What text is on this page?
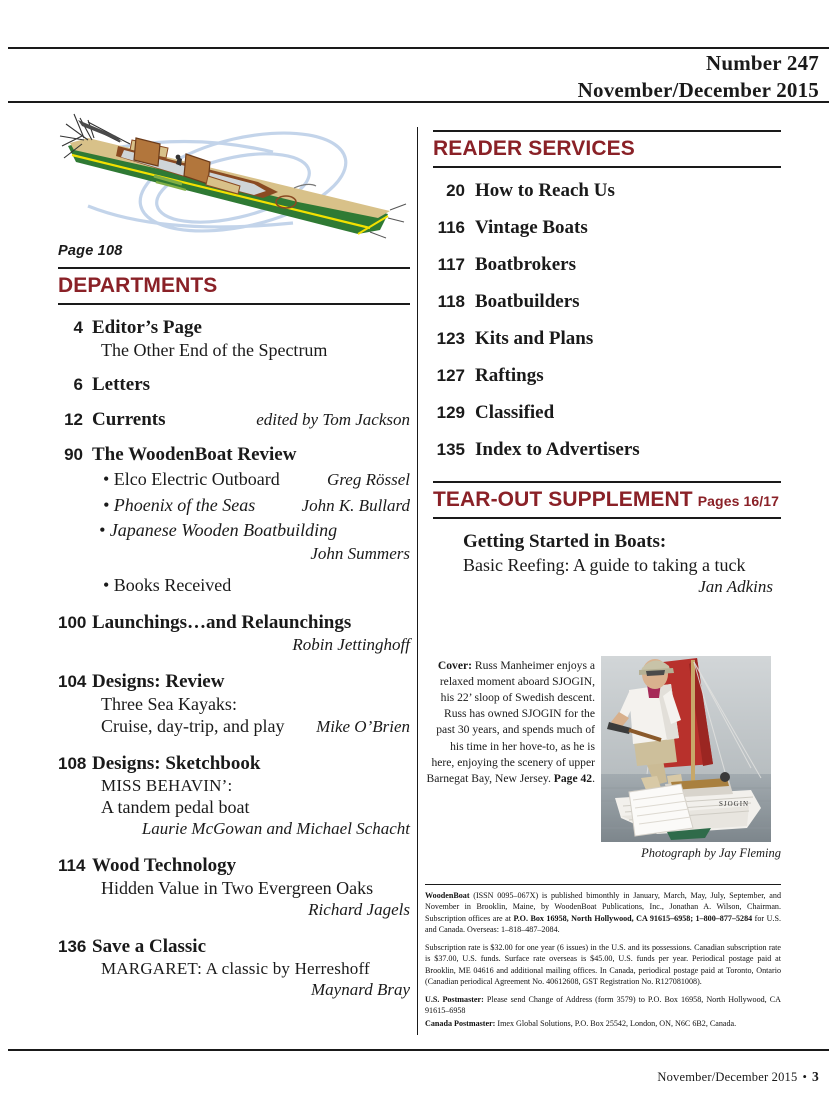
Number 247
November/December 2015
Page 108
DEPARTMENTS
4 Editor’s Page
The Other End of the Spectrum
6 Letters
12 Currents	edited by Tom Jackson
90 The WoodenBoat Review
• Elco Electric Outboard	Greg Rössel
• Phoenix of the Seas	John K. Bullard
• Japanese Wooden Boatbuilding
John Summers
• Books Received
100 Launchings…and Relaunchings
Robin Jettinghoff
104 Designs: Review
Three Sea Kayaks:
Cruise, day-trip, and play	Mike O’Brien
108 Designs: Sketchbook
MISS BEHAVIN’:
A tandem pedal boat
Laurie McGowan and Michael Schacht
114 Wood Technology
Hidden Value in Two Evergreen Oaks
Richard Jagels
136 Save a Classic
MARGARET: A classic by Herreshoff
Maynard Bray
READER SERVICES
20 How to Reach Us
116 Vintage Boats
117 Boatbrokers
118 Boatbuilders
123 Kits and Plans
127 Raftings
129 Classified
135 Index to Advertisers
TEAR-OUT SUPPLEMENT Pages 16/17
Getting Started in Boats:
Basic Reefing: A guide to taking a tuck
Jan Adkins
Cover: Russ Manheimer enjoys a relaxed moment aboard SJOGIN, his 22’ sloop of Swedish descent. Russ has owned SJOGIN for the past 30 years, and spends much of his time in her hove-to, as he is here, enjoying the scenery of upper Barnegat Bay, New Jersey. Page 42.
SJOGIN
Photograph by Jay Fleming

WoodenBoat (ISSN 0095–067X) is published bimonthly in January, March, May, July, September, and November in Brooklin, Maine, by WoodenBoat Publications, Inc., Jonathan A. Wilson, Chairman. Subscription offices are at P.O. Box 16958, North Hollywood, CA 91615–6958; 1–800–877–5284 for U.S. and Canada. Overseas: 1–818–487–2084.

Subscription rate is $32.00 for one year (6 issues) in the U.S. and its possessions. Canadian subscription rate is $37.00, U.S. funds. Surface rate overseas is $45.00, U.S. funds per year. Periodical postage paid at Brooklin, ME 04616 and additional mailing offices. In Canada, periodical postage paid at Toronto, Ontario (Canadian periodical Agreement No. 40612608, GST Registration No. R127081008).

U.S. Postmaster: Please send Change of Address (form 3579) to P.O. Box 16958, North Hollywood, CA 91615–6958

Canada Postmaster: Imex Global Solutions, P.O. Box 25542, London, ON, N6C 6B2, Canada.

November/December 2015 • 3
